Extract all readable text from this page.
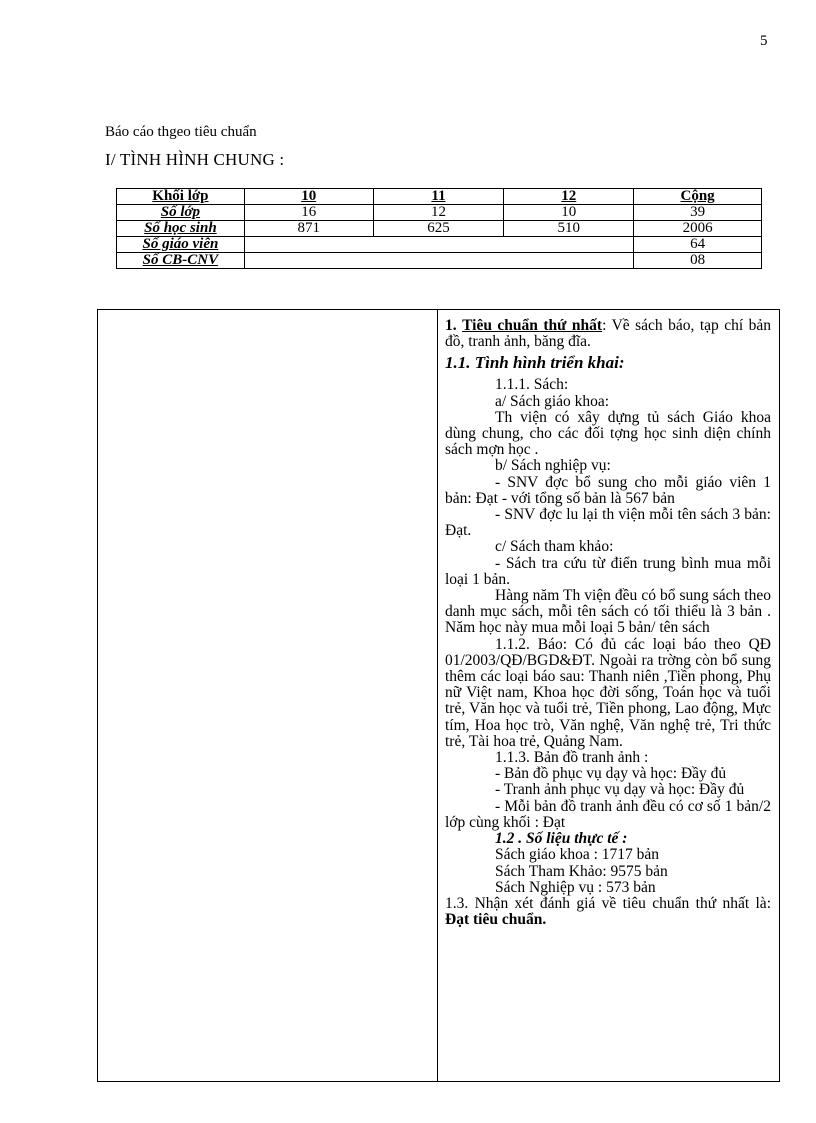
5
Báo cáo thgeo tiêu chuẩn
I/ TÌNH HÌNH CHUNG :
Khối lớp	10	11	12	Cộng
Số lớp	16	12	10	39
Số học sinh	871	625	510	2006
Số giáo viên				64
Số CB-CNV				08

1. Tiêu chuẩn thứ nhất: Về sách báo, tạp chí bản đồ, tranh ảnh, băng đĩa.

1.1. Tình hình triển khai:

1.1.1. Sách:

a/ Sách giáo khoa:

Th viện có xây dựng tủ sách Giáo khoa dùng chung, cho các đối tợng học sinh diện chính sách mợn học .

b/ Sách nghiệp vụ:

- SNV đợc bổ sung cho mỗi giáo viên 1 bản: Đạt - với tổng số bản là 567 bản

- SNV đợc lu lại th viện mỗi tên sách 3 bản: Đạt.

c/ Sách tham khảo:

- Sách tra cứu từ điển trung bình mua mỗi loại 1 bản.

Hàng năm Th viện đều có bổ sung sách theo danh mục sách, mỗi tên sách có tối thiểu là 3 bản . Năm học này mua mỗi loại 5 bản/ tên sách

1.1.2. Báo: Có đủ các loại báo theo QĐ 01/2003/QĐ/BGD&ĐT. Ngoài ra trờng còn bổ sung thêm các loại báo sau: Thanh niên ,Tiền phong, Phụ nữ Việt nam, Khoa học đời sống, Toán học và tuổi trẻ, Văn học và tuổi trẻ, Tiền phong, Lao động, Mực tím, Hoa học trò, Văn nghệ, Văn nghệ trẻ, Tri thức trẻ, Tài hoa trẻ, Quảng Nam.

1.1.3. Bản đồ tranh ảnh :

- Bản đồ phục vụ dạy và học: Đầy đủ

- Tranh ảnh phục vụ dạy và học: Đầy đủ

- Mỗi bản đồ tranh ảnh đều có cơ số 1 bản/2 lớp cùng khối : Đạt

1.2 . Số liệu thực tế :

Sách giáo khoa : 1717 bản

Sách Tham Khảo: 9575 bản

Sách Nghiệp vụ : 573 bản

1.3. Nhận xét đánh giá về tiêu chuẩn thứ nhất là: Đạt tiêu chuẩn.
